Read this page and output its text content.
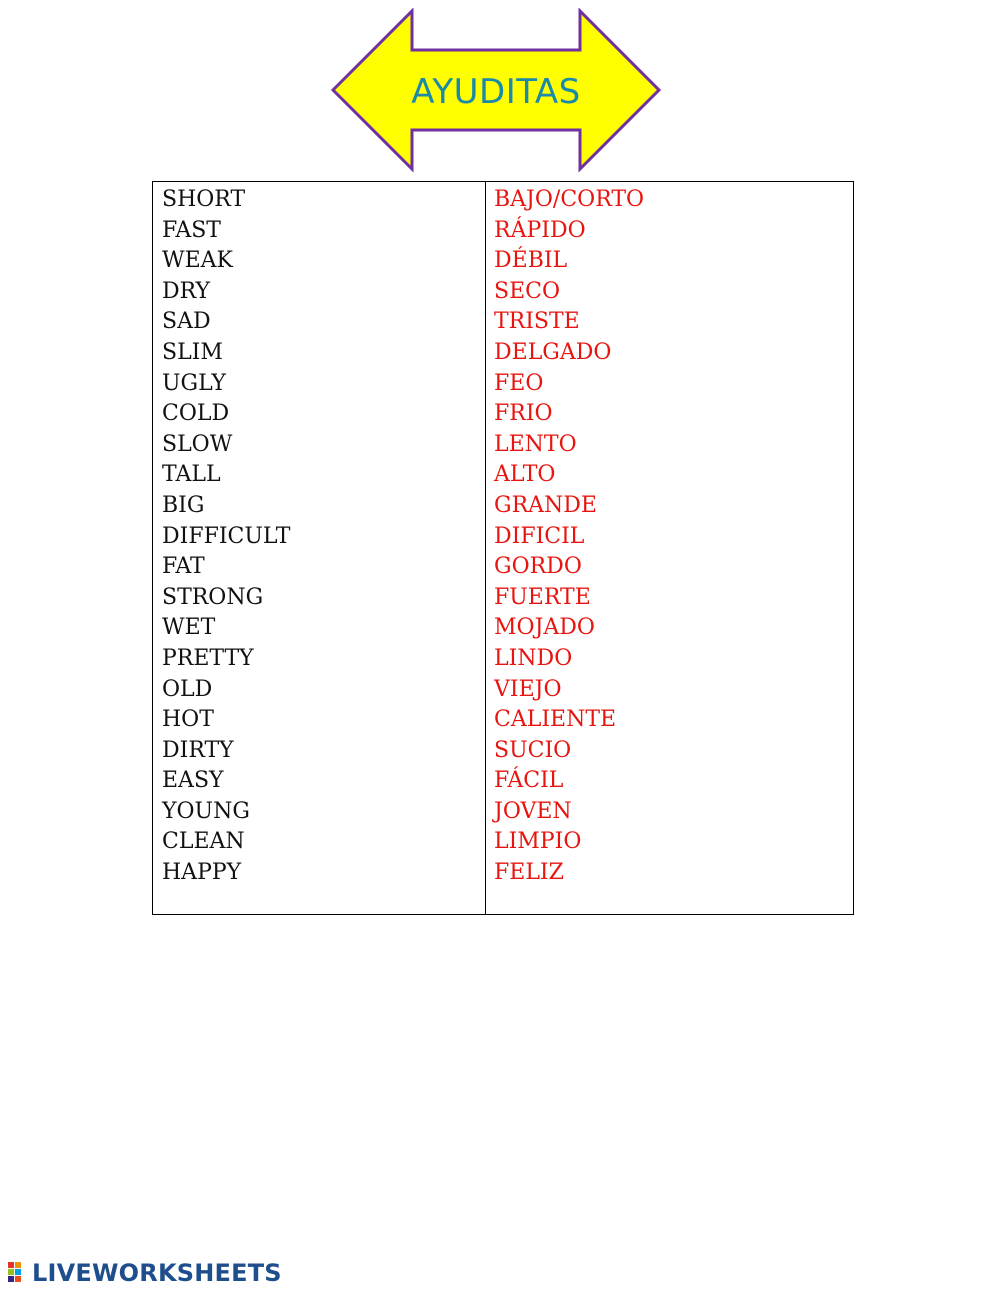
AYUDITAS
SHORT
FAST
WEAK
DRY
SAD
SLIM
UGLY
COLD
SLOW
TALL
BIG
DIFFICULT
FAT
STRONG
WET
PRETTY
OLD
HOT
DIRTY
EASY
YOUNG
CLEAN
HAPPY
BAJO/CORTO
RÁPIDO
DÉBIL
SECO
TRISTE
DELGADO
FEO
FRIO
LENTO
ALTO
GRANDE
DIFICIL
GORDO
FUERTE
MOJADO
LINDO
VIEJO
CALIENTE
SUCIO
FÁCIL
JOVEN
LIMPIO
FELIZ
LIVEWORKSHEETS
